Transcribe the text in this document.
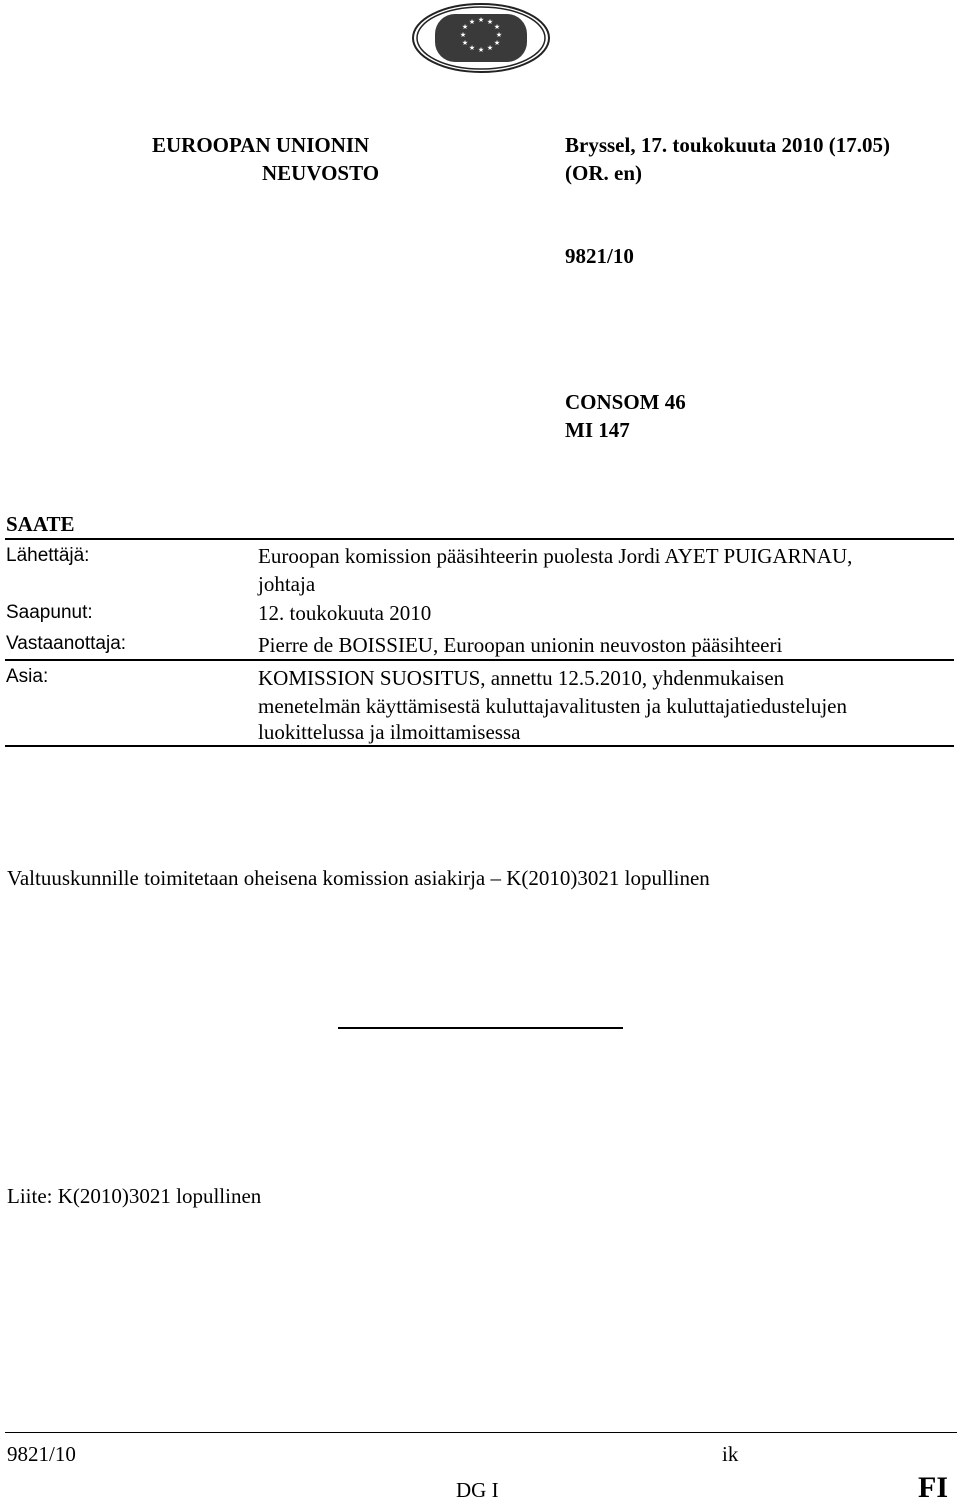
★ ★
★
★
★
★
★
★
★
★
★
★
EUROOPAN UNIONIN
NEUVOSTO
Bryssel, 17. toukokuuta 2010 (17.05)
(OR. en)
9821/10
CONSOM 46
MI 147
SAATE
Lähettäjä:	Euroopan komission pääsihteerin puolesta Jordi AYET PUIGARNAU,
johtaja
Saapunut:	12. toukokuuta 2010
Vastaanottaja:	Pierre de BOISSIEU, Euroopan unionin neuvoston pääsihteeri
Asia:	KOMISSION SUOSITUS, annettu 12.5.2010, yhdenmukaisen
menetelmän käyttämisestä kuluttajavalitusten ja kuluttajatiedustelujen
luokittelussa ja ilmoittamisessa
Valtuuskunnille toimitetaan oheisena komission asiakirja – K(2010)3021 lopullinen
Liite: K(2010)3021 lopullinen
9821/10	ik
DG I	FI
